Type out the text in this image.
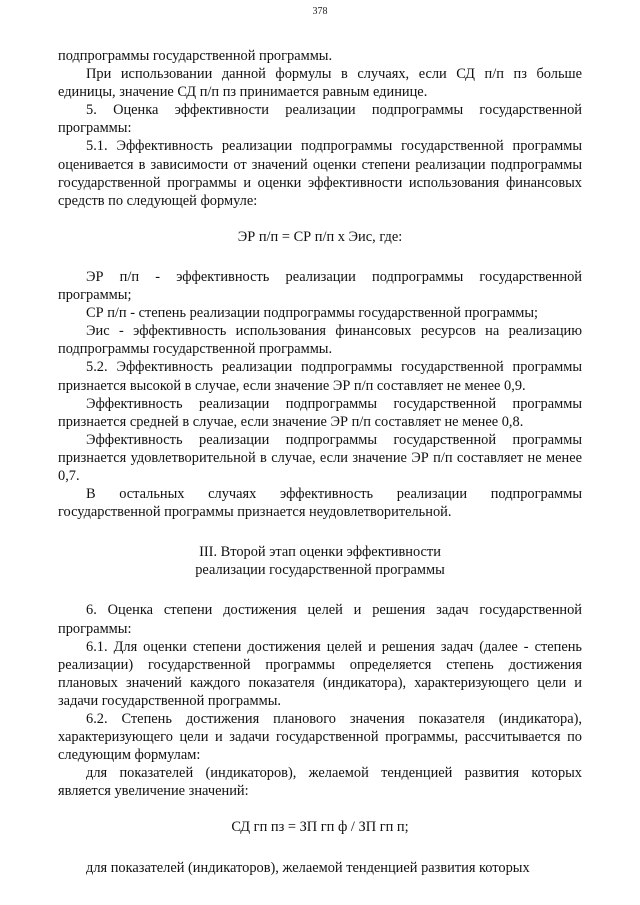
378

подпрограммы государственной программы.

При использовании данной формулы в случаях, если СД п/п пз больше единицы, значение СД п/п пз принимается равным единице.

5. Оценка эффективности реализации подпрограммы государственной программы:

5.1. Эффективность реализации подпрограммы государственной программы оценивается в зависимости от значений оценки степени реализации подпрограммы государственной программы и оценки эффективности использования финансовых средств по следующей формуле:

ЭР п/п = СР п/п х Эис, где:

ЭР п/п - эффективность реализации подпрограммы государственной программы;

СР п/п - степень реализации подпрограммы государственной программы;

Эис - эффективность использования финансовых ресурсов на реализацию подпрограммы государственной программы.

5.2. Эффективность реализации подпрограммы государственной программы признается высокой в случае, если значение ЭР п/п составляет не менее 0,9.

Эффективность реализации подпрограммы государственной программы признается средней в случае, если значение ЭР п/п составляет не менее 0,8.

Эффективность реализации подпрограммы государственной программы признается удовлетворительной в случае, если значение ЭР п/п составляет не менее 0,7.

В остальных случаях эффективность реализации подпрограммы государственной программы признается неудовлетворительной.

III. Второй этап оценки эффективности

реализации государственной программы

6. Оценка степени достижения целей и решения задач государственной программы:

6.1. Для оценки степени достижения целей и решения задач (далее - степень реализации) государственной программы определяется степень достижения плановых значений каждого показателя (индикатора), характеризующего цели и задачи государственной программы.

6.2. Степень достижения планового значения показателя (индикатора), характеризующего цели и задачи государственной программы, рассчитывается по следующим формулам:

для показателей (индикаторов), желаемой тенденцией развития которых является увеличение значений:

СД гп пз = ЗП гп ф / ЗП гп п;

для показателей (индикаторов), желаемой тенденцией развития которых
